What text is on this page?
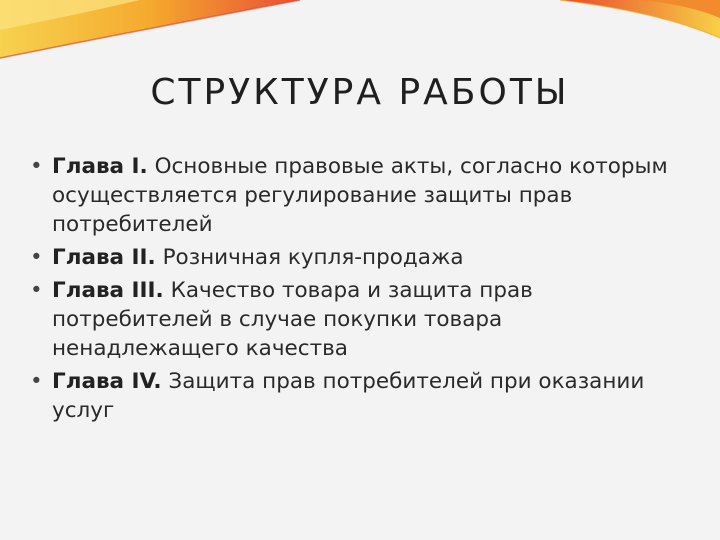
СТРУКТУРА РАБОТЫ
• Глава I. Основные правовые акты, согласно которым осуществляется регулирование защиты прав потребителей
• Глава II. Розничная купля-продажа
• Глава III. Качество товара и защита прав потребителей в случае покупки товара ненадлежащего качества
• Глава IV. Защита прав потребителей при оказании услуг
